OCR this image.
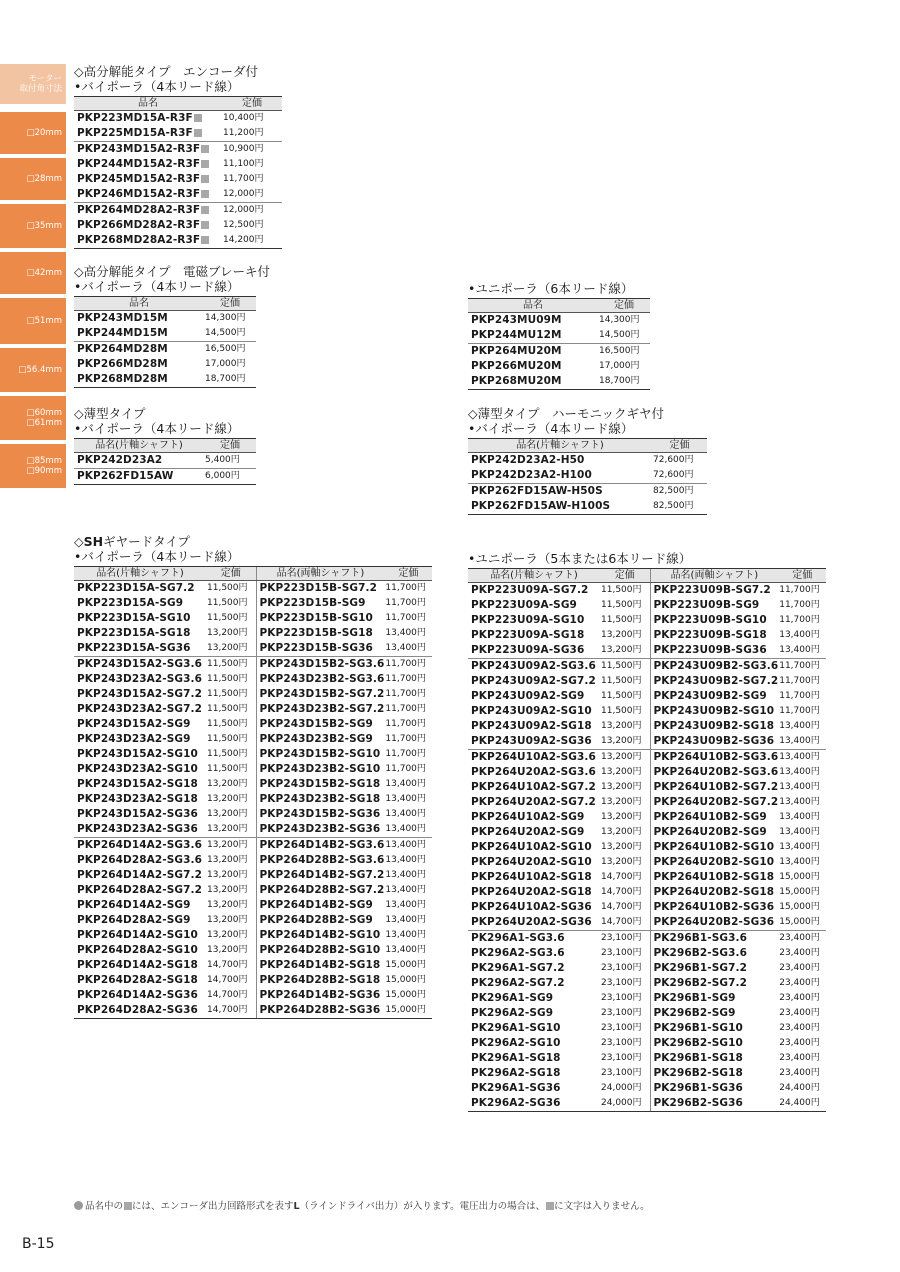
モーター
取付角寸法
□20mm
□28mm
□35mm
□42mm
□51mm
□56.4mm
□60mm
□61mm
□85mm
□90mm
◇高分解能タイプ　エンコーダ付
•バイポーラ（4本リード線）
品名	定価
PKP223MD15A-R3F	10,400円
PKP225MD15A-R3F	11,200円
PKP243MD15A2-R3F	10,900円
PKP244MD15A2-R3F	11,100円
PKP245MD15A2-R3F	11,700円
PKP246MD15A2-R3F	12,000円
PKP264MD28A2-R3F	12,000円
PKP266MD28A2-R3F	12,500円
PKP268MD28A2-R3F	14,200円
◇高分解能タイプ　電磁ブレーキ付
•バイポーラ（4本リード線）
品名	定価
PKP243MD15M	14,300円
PKP244MD15M	14,500円
PKP264MD28M	16,500円
PKP266MD28M	17,000円
PKP268MD28M	18,700円
•ユニポーラ（6本リード線）
品名	定価
PKP243MU09M	14,300円
PKP244MU12M	14,500円
PKP264MU20M	16,500円
PKP266MU20M	17,000円
PKP268MU20M	18,700円
◇薄型タイプ
•バイポーラ（4本リード線）
品名(片軸シャフト)	定価
PKP242D23A2	5,400円
PKP262FD15AW	6,000円
◇薄型タイプ　ハーモニックギヤ付
•バイポーラ（4本リード線）
品名(片軸シャフト)	定価
PKP242D23A2-H50	72,600円
PKP242D23A2-H100	72,600円
PKP262FD15AW-H50S	82,500円
PKP262FD15AW-H100S	82,500円
◇SHギヤードタイプ
•バイポーラ（4本リード線）
品名(片軸シャフト)	定価	品名(両軸シャフト)	定価
PKP223D15A-SG7.2	11,500円	PKP223D15B-SG7.2	11,700円
PKP223D15A-SG9	11,500円	PKP223D15B-SG9	11,700円
PKP223D15A-SG10	11,500円	PKP223D15B-SG10	11,700円
PKP223D15A-SG18	13,200円	PKP223D15B-SG18	13,400円
PKP223D15A-SG36	13,200円	PKP223D15B-SG36	13,400円
PKP243D15A2-SG3.6	11,500円	PKP243D15B2-SG3.6	11,700円
PKP243D23A2-SG3.6	11,500円	PKP243D23B2-SG3.6	11,700円
PKP243D15A2-SG7.2	11,500円	PKP243D15B2-SG7.2	11,700円
PKP243D23A2-SG7.2	11,500円	PKP243D23B2-SG7.2	11,700円
PKP243D15A2-SG9	11,500円	PKP243D15B2-SG9	11,700円
PKP243D23A2-SG9	11,500円	PKP243D23B2-SG9	11,700円
PKP243D15A2-SG10	11,500円	PKP243D15B2-SG10	11,700円
PKP243D23A2-SG10	11,500円	PKP243D23B2-SG10	11,700円
PKP243D15A2-SG18	13,200円	PKP243D15B2-SG18	13,400円
PKP243D23A2-SG18	13,200円	PKP243D23B2-SG18	13,400円
PKP243D15A2-SG36	13,200円	PKP243D15B2-SG36	13,400円
PKP243D23A2-SG36	13,200円	PKP243D23B2-SG36	13,400円
PKP264D14A2-SG3.6	13,200円	PKP264D14B2-SG3.6	13,400円
PKP264D28A2-SG3.6	13,200円	PKP264D28B2-SG3.6	13,400円
PKP264D14A2-SG7.2	13,200円	PKP264D14B2-SG7.2	13,400円
PKP264D28A2-SG7.2	13,200円	PKP264D28B2-SG7.2	13,400円
PKP264D14A2-SG9	13,200円	PKP264D14B2-SG9	13,400円
PKP264D28A2-SG9	13,200円	PKP264D28B2-SG9	13,400円
PKP264D14A2-SG10	13,200円	PKP264D14B2-SG10	13,400円
PKP264D28A2-SG10	13,200円	PKP264D28B2-SG10	13,400円
PKP264D14A2-SG18	14,700円	PKP264D14B2-SG18	15,000円
PKP264D28A2-SG18	14,700円	PKP264D28B2-SG18	15,000円
PKP264D14A2-SG36	14,700円	PKP264D14B2-SG36	15,000円
PKP264D28A2-SG36	14,700円	PKP264D28B2-SG36	15,000円
•ユニポーラ（5本または6本リード線）
品名(片軸シャフト)	定価	品名(両軸シャフト)	定価
PKP223U09A-SG7.2	11,500円	PKP223U09B-SG7.2	11,700円
PKP223U09A-SG9	11,500円	PKP223U09B-SG9	11,700円
PKP223U09A-SG10	11,500円	PKP223U09B-SG10	11,700円
PKP223U09A-SG18	13,200円	PKP223U09B-SG18	13,400円
PKP223U09A-SG36	13,200円	PKP223U09B-SG36	13,400円
PKP243U09A2-SG3.6	11,500円	PKP243U09B2-SG3.6	11,700円
PKP243U09A2-SG7.2	11,500円	PKP243U09B2-SG7.2	11,700円
PKP243U09A2-SG9	11,500円	PKP243U09B2-SG9	11,700円
PKP243U09A2-SG10	11,500円	PKP243U09B2-SG10	11,700円
PKP243U09A2-SG18	13,200円	PKP243U09B2-SG18	13,400円
PKP243U09A2-SG36	13,200円	PKP243U09B2-SG36	13,400円
PKP264U10A2-SG3.6	13,200円	PKP264U10B2-SG3.6	13,400円
PKP264U20A2-SG3.6	13,200円	PKP264U20B2-SG3.6	13,400円
PKP264U10A2-SG7.2	13,200円	PKP264U10B2-SG7.2	13,400円
PKP264U20A2-SG7.2	13,200円	PKP264U20B2-SG7.2	13,400円
PKP264U10A2-SG9	13,200円	PKP264U10B2-SG9	13,400円
PKP264U20A2-SG9	13,200円	PKP264U20B2-SG9	13,400円
PKP264U10A2-SG10	13,200円	PKP264U10B2-SG10	13,400円
PKP264U20A2-SG10	13,200円	PKP264U20B2-SG10	13,400円
PKP264U10A2-SG18	14,700円	PKP264U10B2-SG18	15,000円
PKP264U20A2-SG18	14,700円	PKP264U20B2-SG18	15,000円
PKP264U10A2-SG36	14,700円	PKP264U10B2-SG36	15,000円
PKP264U20A2-SG36	14,700円	PKP264U20B2-SG36	15,000円
PK296A1-SG3.6	23,100円	PK296B1-SG3.6	23,400円
PK296A2-SG3.6	23,100円	PK296B2-SG3.6	23,400円
PK296A1-SG7.2	23,100円	PK296B1-SG7.2	23,400円
PK296A2-SG7.2	23,100円	PK296B2-SG7.2	23,400円
PK296A1-SG9	23,100円	PK296B1-SG9	23,400円
PK296A2-SG9	23,100円	PK296B2-SG9	23,400円
PK296A1-SG10	23,100円	PK296B1-SG10	23,400円
PK296A2-SG10	23,100円	PK296B2-SG10	23,400円
PK296A1-SG18	23,100円	PK296B1-SG18	23,400円
PK296A2-SG18	23,100円	PK296B2-SG18	23,400円
PK296A1-SG36	24,000円	PK296B1-SG36	24,400円
PK296A2-SG36	24,000円	PK296B2-SG36	24,400円
品名中の には、エンコーダ出力回路形式を表すL（ラインドライバ出力）が入ります。電圧出力の場合は、 に文字は入りません。
B-15
